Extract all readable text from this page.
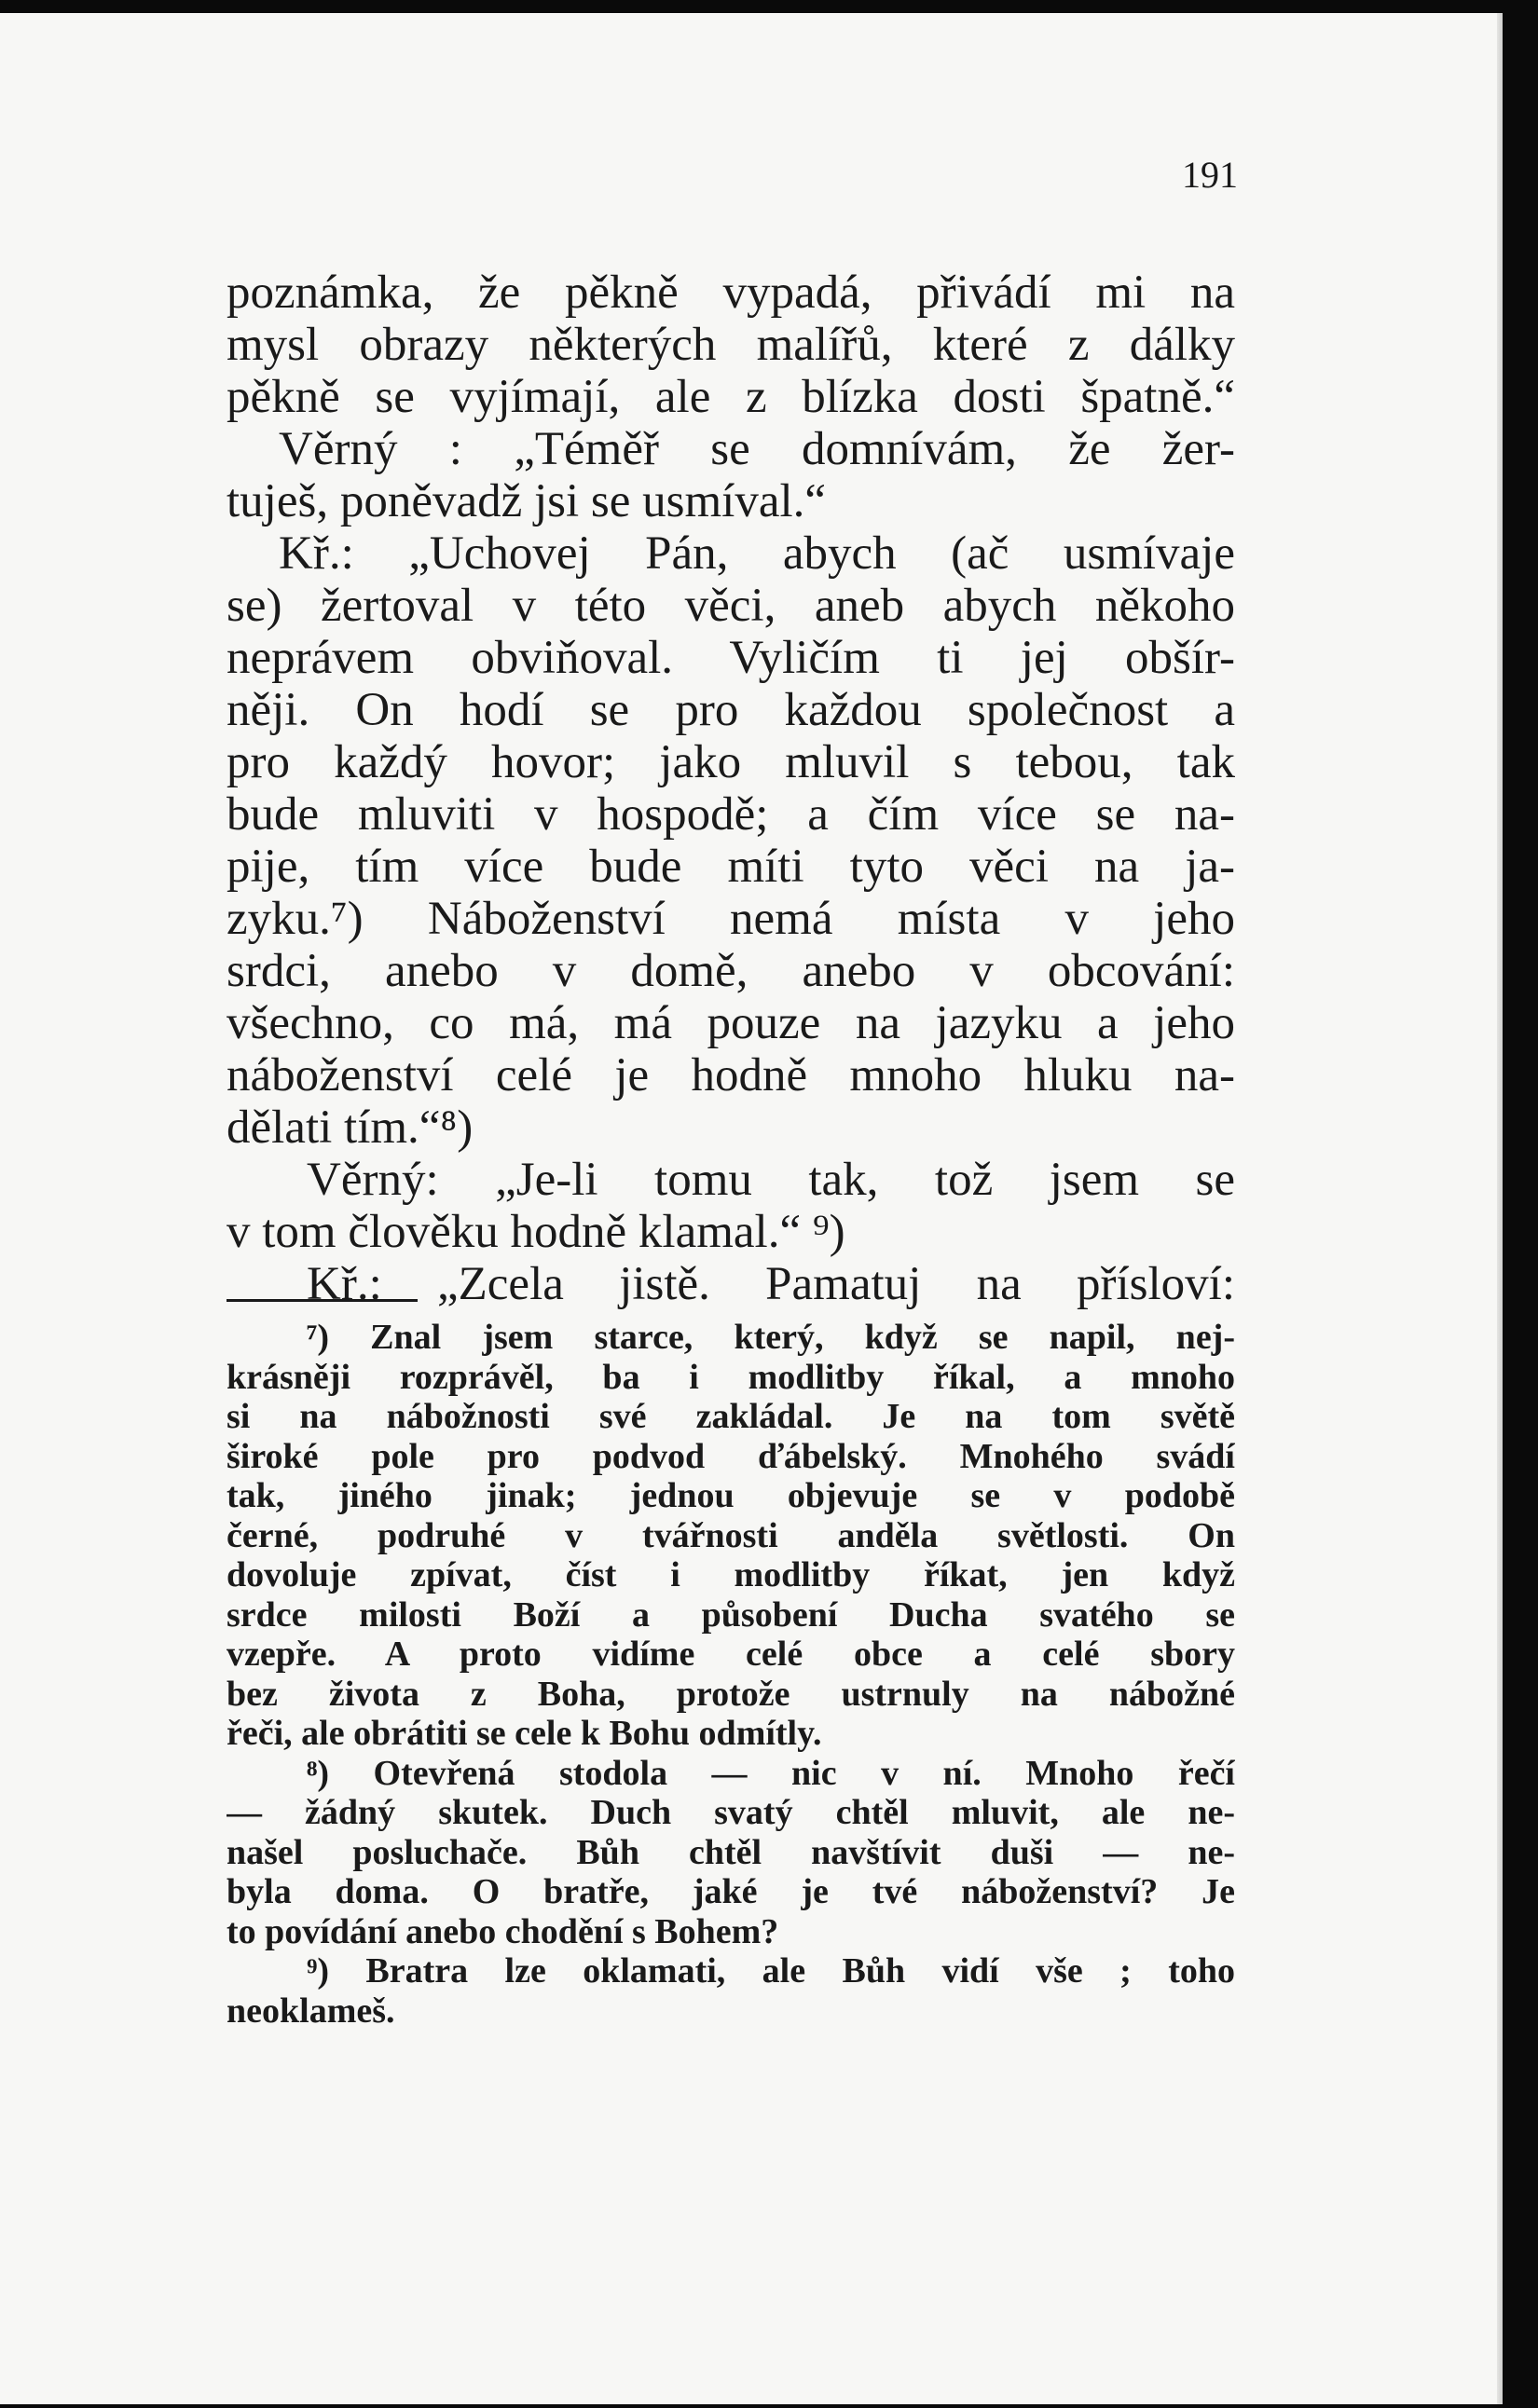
191
poznámka, že pěkně vypadá, přivádí mi na
mysl obrazy některých malířů, které z dálky
pěkně se vyjímají, ale z blízka dosti špatně.“
Věrný : „Téměř se domnívám, že žer-
tuješ, poněvadž jsi se usmíval.“
Kř.: „Uchovej Pán, abych (ač usmívaje
se) žertoval v této věci, aneb abych někoho
neprávem obviňoval. Vyličím ti jej obšír-
něji. On hodí se pro každou společnost a
pro každý hovor; jako mluvil s tebou, tak
bude mluviti v hospodě; a čím více se na-
pije, tím více bude míti tyto věci na ja-
zyku.⁷) Náboženství nemá místa v jeho
srdci, anebo v domě, anebo v obcování:
všechno, co má, má pouze na jazyku a jeho
náboženství celé je hodně mnoho hluku na-
dělati tím.“⁸)
Věrný: „Je-li tomu tak, tož jsem se
v tom člověku hodně klamal.“ ⁹)
Kř.: „Zcela jistě. Pamatuj na přísloví:
⁷) Znal jsem starce, který, když se napil, nej-
krásněji rozprávěl, ba i modlitby říkal, a mnoho
si na nábožnosti své zakládal. Je na tom světě
široké pole pro podvod ďábelský. Mnohého svádí
tak, jiného jinak; jednou objevuje se v podobě
černé, podruhé v tvářnosti anděla světlosti. On
dovoluje zpívat, číst i modlitby říkat, jen když
srdce milosti Boží a působení Ducha svatého se
vzepře. A proto vidíme celé obce a celé sbory
bez života z Boha, protože ustrnuly na nábožné
řeči, ale obrátiti se cele k Bohu odmítly.
⁸) Otevřená stodola — nic v ní. Mnoho řečí
— žádný skutek. Duch svatý chtěl mluvit, ale ne-
našel posluchače. Bůh chtěl navštívit duši — ne-
byla doma. O bratře, jaké je tvé náboženství? Je
to povídání anebo chodění s Bohem?
⁹) Bratra lze oklamati, ale Bůh vidí vše ; toho
neoklameš.
